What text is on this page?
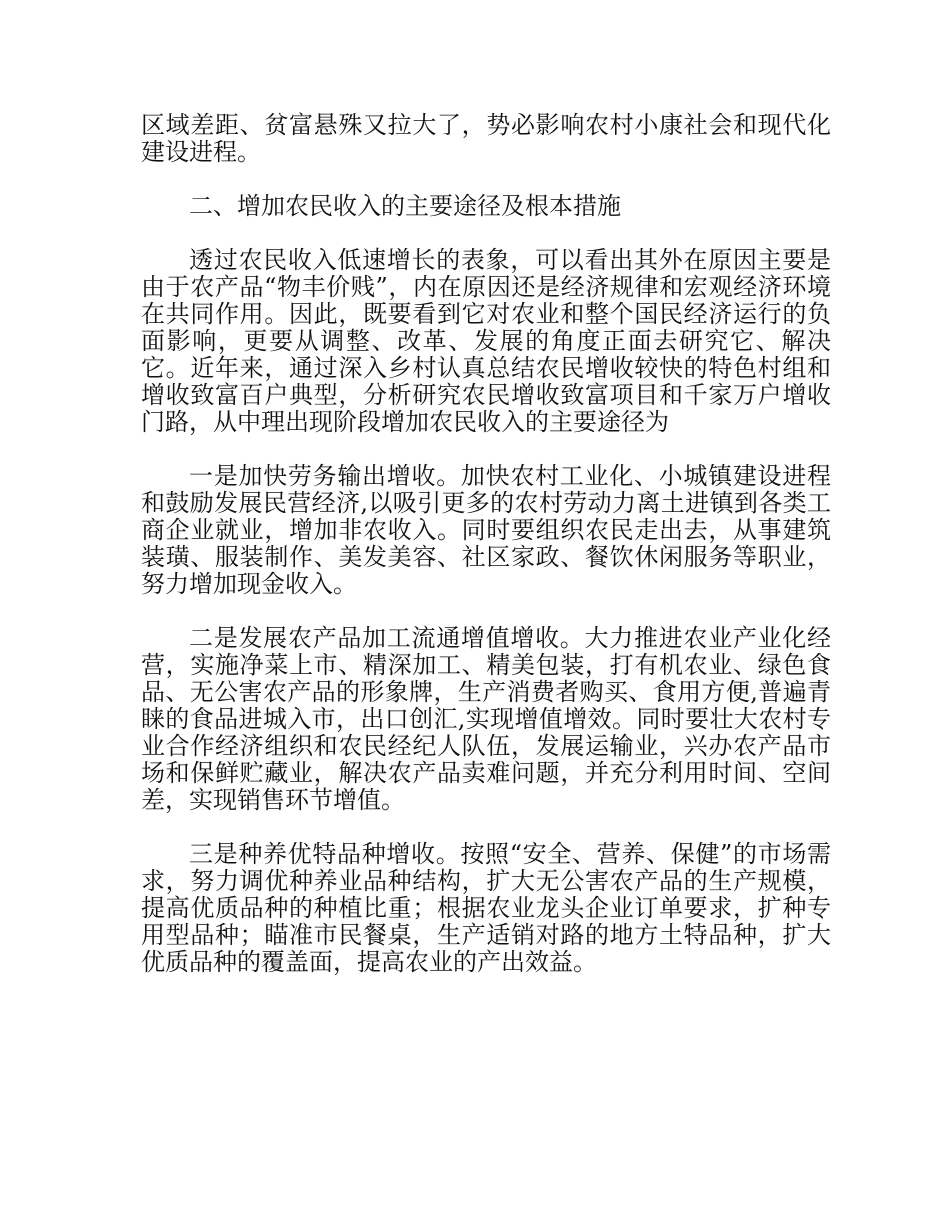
区域差距、贫富悬殊又拉大了，势必影响农村小康社会和现代化建设进程。

二、增加农民收入的主要途径及根本措施

透过农民收入低速增长的表象，可以看出其外在原因主要是由于农产品“物丰价贱”，内在原因还是经济规律和宏观经济环境在共同作用。因此，既要看到它对农业和整个国民经济运行的负面影响，更要从调整、改革、发展的角度正面去研究它、解决它。近年来，通过深入乡村认真总结农民增收较快的特色村组和增收致富百户典型，分析研究农民增收致富项目和千家万户增收门路，从中理出现阶段增加农民收入的主要途径为

一是加快劳务输出增收。加快农村工业化、小城镇建设进程和鼓励发展民营经济,以吸引更多的农村劳动力离土进镇到各类工商企业就业，增加非农收入。同时要组织农民走出去，从事建筑装璜、服装制作、美发美容、社区家政、餐饮休闲服务等职业，努力增加现金收入。

二是发展农产品加工流通增值增收。大力推进农业产业化经营，实施净菜上市、精深加工、精美包装，打有机农业、绿色食品、无公害农产品的形象牌，生产消费者购买、食用方便,普遍青睐的食品进城入市，出口创汇,实现增值增效。同时要壮大农村专业合作经济组织和农民经纪人队伍，发展运输业，兴办农产品市场和保鲜贮藏业，解决农产品卖难问题，并充分利用时间、空间差，实现销售环节增值。

三是种养优特品种增收。按照“安全、营养、保健”的市场需求，努力调优种养业品种结构，扩大无公害农产品的生产规模，提高优质品种的种植比重；根据农业龙头企业订单要求，扩种专用型品种；瞄准市民餐桌，生产适销对路的地方土特品种，扩大优质品种的覆盖面，提高农业的产出效益。
